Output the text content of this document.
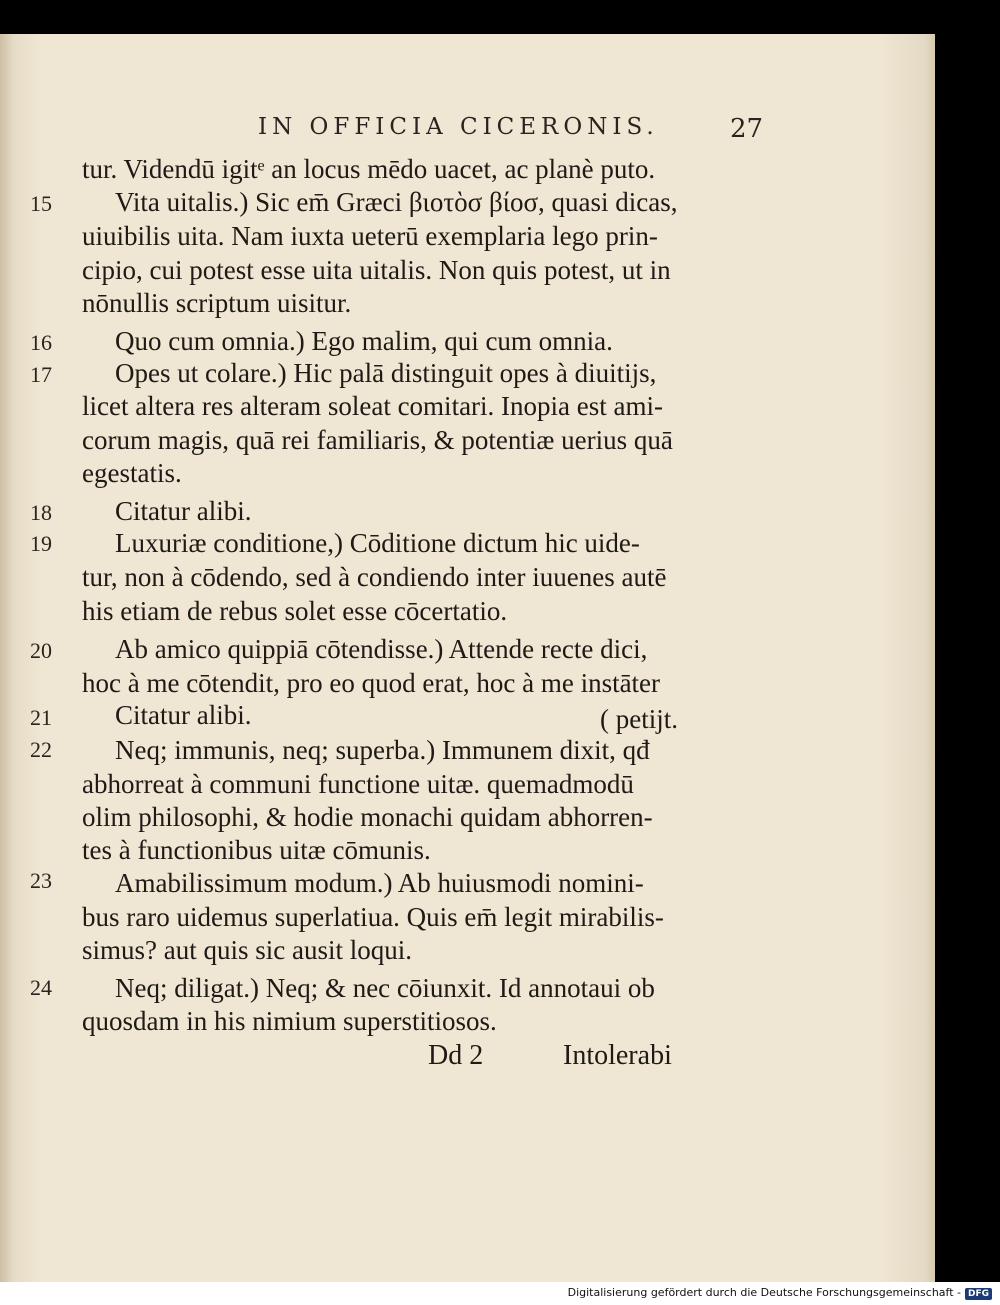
IN OFFICIA CICERONIS.	27
15
16
17
18
19
20
21
22
23
24
tur. Videndū igitᵉ an locus mēdo uacet, ac planè puto.
Vita uitalis.) Sic em̄ Græci βιοτὸσ βίοσ, quasi dicas,
uiuibilis uita. Nam iuxta ueterū exemplaria lego prin-
cipio, cui potest esse uita uitalis. Non quis potest, ut in
nōnullis scriptum uisitur.
Quo cum omnia.) Ego malim, qui cum omnia.
Opes ut colare.) Hic palā distinguit opes à diuitijs,
licet altera res alteram soleat comitari. Inopia est ami-
corum magis, quā rei familiaris, & potentiæ uerius quā
egestatis.
Citatur alibi.
Luxuriæ conditione,) Cōditione dictum hic uide-
tur, non à cōdendo, sed à condiendo inter iuuenes autē
his etiam de rebus solet esse cōcertatio.
Ab amico quippiā cōtendisse.) Attende recte dici,
hoc à me cōtendit, pro eo quod erat, hoc à me instāter
Citatur alibi.	( petijt.
Neq; immunis, neq; superba.) Immunem dixit, qđ
abhorreat à communi functione uitæ. quemadmodū
olim philosophi, & hodie monachi quidam abhorren-
tes à functionibus uitæ cōmunis.
Amabilissimum modum.) Ab huiusmodi nomini-
bus raro uidemus superlatiua. Quis em̄ legit mirabilis-
simus? aut quis sic ausit loqui.
Neq; diligat.) Neq; & nec cōiunxit. Id annotaui ob
quosdam in his nimium superstitiosos.
Dd 2	Intolerabi
Digitalisierung gefördert durch die Deutsche Forschungsgemeinschaft - DFG
